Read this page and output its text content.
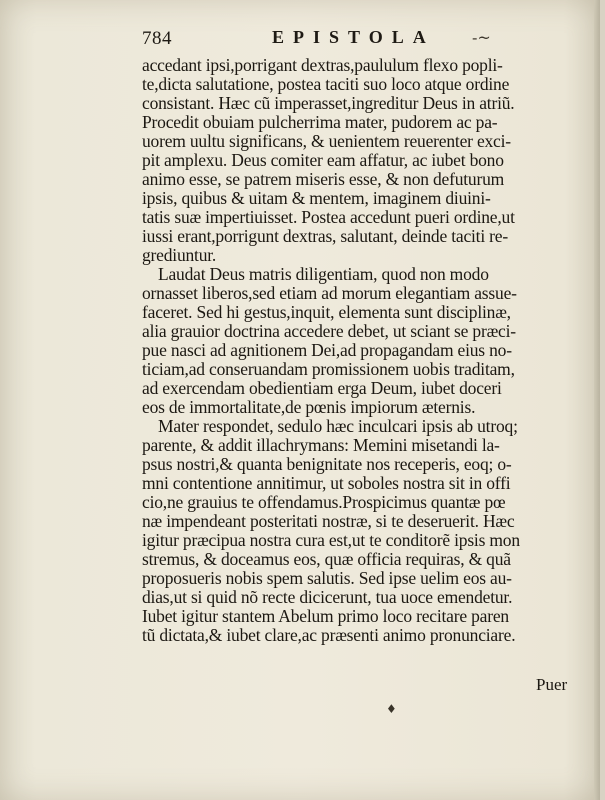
784	EPISTOLA -~
accedant ipsi,porrigant dextras,paululum flexo popli-
te,dicta salutatione, postea taciti suo loco atque ordine
consistant. Hæc cũ imperasset,ingreditur Deus in atriũ.
Procedit obuiam pulcherrima mater, pudorem ac pa-
uorem uultu significans, & uenientem reuerenter exci-
pit amplexu. Deus comiter eam affatur, ac iubet bono
animo esse, se patrem miseris esse, & non defuturum
ipsis, quibus & uitam & mentem, imaginem diuini-
tatis suæ impertiuisset. Postea accedunt pueri ordine,ut
iussi erant,porrigunt dextras, salutant, deinde taciti re-
grediuntur.
Laudat Deus matris diligentiam, quod non modo
ornasset liberos,sed etiam ad morum elegantiam assue-
faceret. Sed hi gestus,inquit, elementa sunt disciplinæ,
alia grauior doctrina accedere debet, ut sciant se præci-
pue nasci ad agnitionem Dei,ad propagandam eius no-
ticiam,ad conseruandam promissionem uobis traditam,
ad exercendam obedientiam erga Deum, iubet doceri
eos de immortalitate,de pœnis impiorum æternis.
Mater respondet, sedulo hæc inculcari ipsis ab utroq;
parente, & addit illachrymans: Memini misetandi la-
psus nostri,& quanta benignitate nos receperis, eoq; o-
mni contentione annitimur, ut soboles nostra sit in offi
cio,ne grauius te offendamus.Prospicimus quantæ pœ
næ impendeant posteritati nostræ, si te deseruerit. Hæc
igitur præcipua nostra cura est,ut te conditorẽ ipsis mon
stremus, & doceamus eos, quæ officia requiras, & quã
proposueris nobis spem salutis. Sed ipse uelim eos au-
dias,ut si quid nõ recte dicicerunt, tua uoce emendetur.
Iubet igitur stantem Abelum primo loco recitare paren
tũ dictata,& iubet clare,ac præsenti animo pronunciare.
Puer
♦
